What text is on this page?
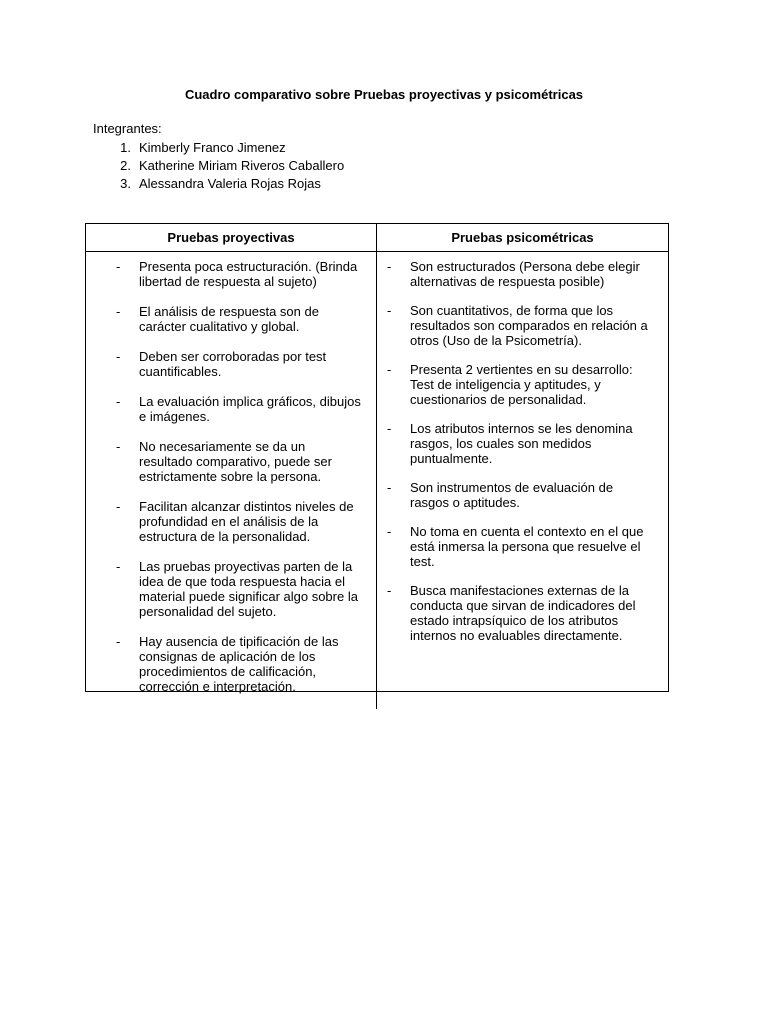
Cuadro comparativo sobre Pruebas proyectivas y psicométricas
Integrantes:
1. Kimberly Franco Jimenez
2. Katherine Miriam Riveros Caballero
3. Alessandra Valeria Rojas Rojas
Pruebas proyectivas	Pruebas psicométricas
-	Presenta poca estructuración. (Brinda
libertad de respuesta al sujeto)
-	El análisis de respuesta son de
carácter cualitativo y global.
-	Deben ser corroboradas por test
cuantificables.
-	La evaluación implica gráficos, dibujos
e imágenes.
-	No necesariamente se da un
resultado comparativo, puede ser
estrictamente sobre la persona.
-	Facilitan alcanzar distintos niveles de
profundidad en el análisis de la
estructura de la personalidad.
-	Las pruebas proyectivas parten de la
idea de que toda respuesta hacia el
material puede significar algo sobre la
personalidad del sujeto.
-	Hay ausencia de tipificación de las
consignas de aplicación de los
procedimientos de calificación,
corrección e interpretación.
-	Son estructurados (Persona debe elegir
alternativas de respuesta posible)
-	Son cuantitativos, de forma que los
resultados son comparados en relación a
otros (Uso de la Psicometría).
-	Presenta 2 vertientes en su desarrollo:
Test de inteligencia y aptitudes, y
cuestionarios de personalidad.
-	Los atributos internos se les denomina
rasgos, los cuales son medidos
puntualmente.
-	Son instrumentos de evaluación de
rasgos o aptitudes.
-	No toma en cuenta el contexto en el que
está inmersa la persona que resuelve el
test.
-	Busca manifestaciones externas de la
conducta que sirvan de indicadores del
estado intrapsíquico de los atributos
internos no evaluables directamente.
